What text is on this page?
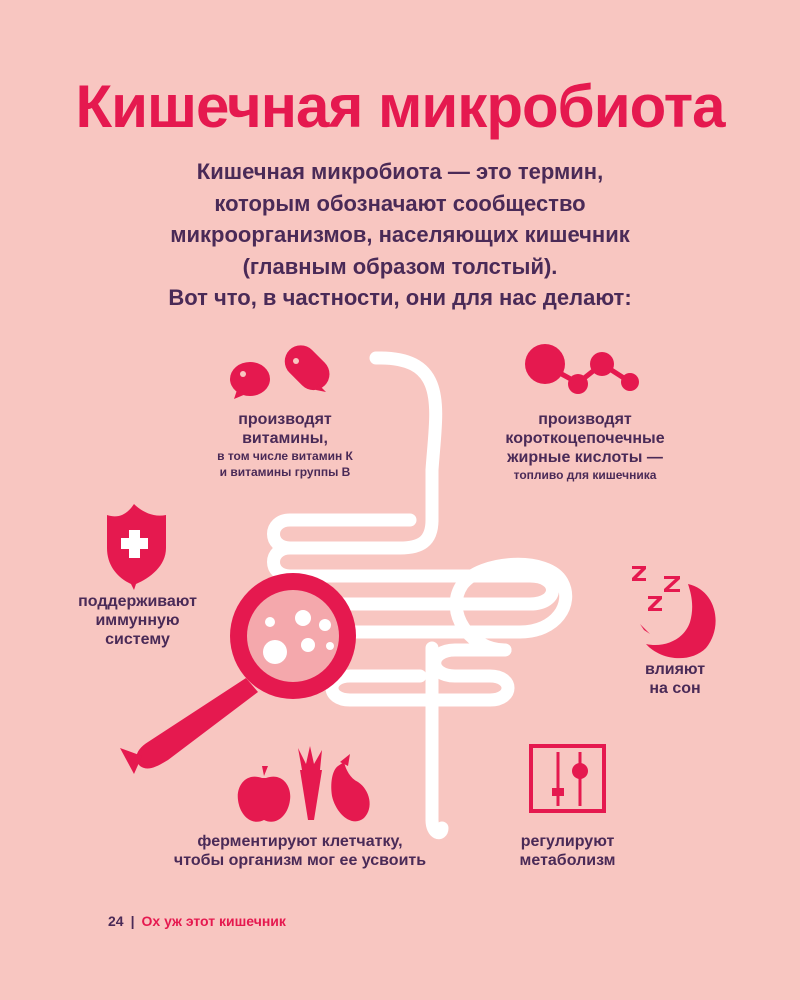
Кишечная микробиота
Кишечная микробиота — это термин,
которым обозначают сообщество
микроорганизмов, населяющих кишечник
(главным образом толстый).
Вот что, в частности, они для нас делают:
производят
витамины,
в том числе витамин К
и витамины группы В
производят
короткоцепочечные
жирные кислоты —
топливо для кишечника
поддерживают
иммунную
систему
влияют
на сон
ферментируют клетчатку,
чтобы организм мог ее усвоить
регулируют
метаболизм
24 | Ох уж этот кишечник
